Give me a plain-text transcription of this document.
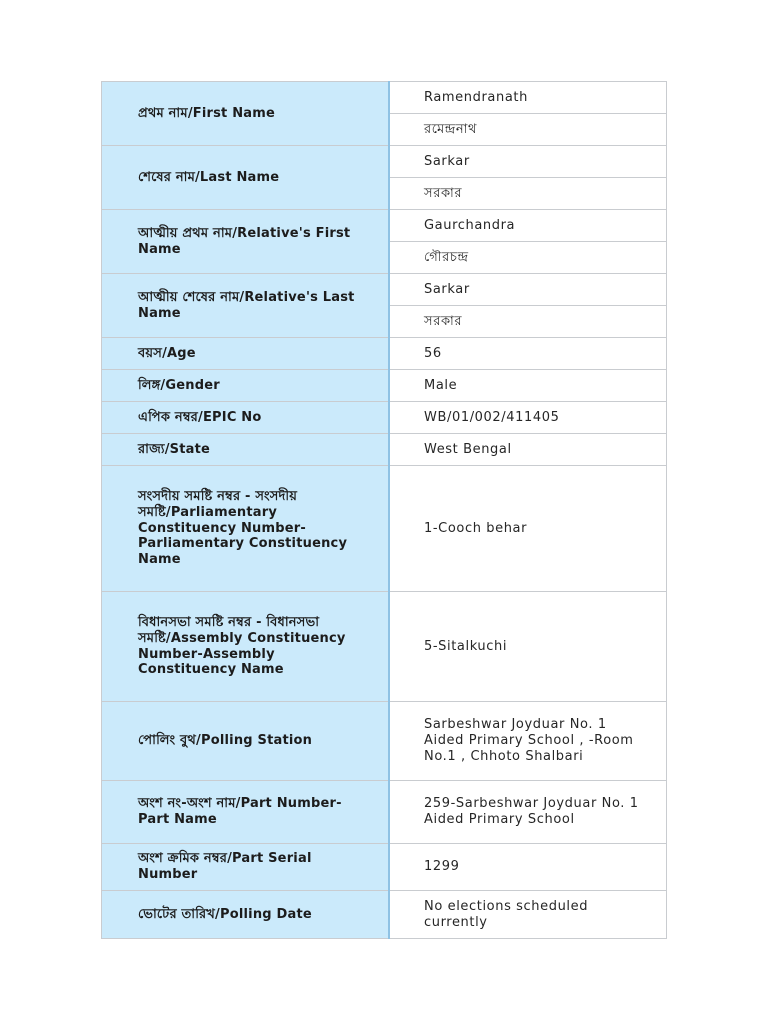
প্রথম নাম/First Name	Ramendranath

	রমেন্দ্রনাথ

শেষের নাম/Last Name	Sarkar

	সরকার

আত্মীয় প্রথম নাম/Relative's First Name	Gaurchandra

	গৌরচন্দ্র

আত্মীয় শেষের নাম/Relative's Last Name	Sarkar

	সরকার

বয়স/Age	56

লিঙ্গ/Gender	Male

এপিক নম্বর/EPIC No	WB/01/002/411405

রাজ্য/State	West Bengal

সংসদীয় সমষ্টি নম্বর - সংসদীয় সমষ্টি/Parliamentary Constituency Number-Parliamentary Constituency Name	1-Cooch behar

বিধানসভা সমষ্টি নম্বর - বিধানসভা সমষ্টি/Assembly Constituency Number-Assembly Constituency Name	5-Sitalkuchi

পোলিং বুথ/Polling Station	Sarbeshwar Joyduar No. 1 Aided Primary School , -Room No.1 , Chhoto Shalbari

অংশ নং-অংশ নাম/Part Number-Part Name	259-Sarbeshwar Joyduar No. 1 Aided Primary School

অংশ ক্রমিক নম্বর/Part Serial Number	1299

ভোটের তারিখ/Polling Date	No elections scheduled currently
